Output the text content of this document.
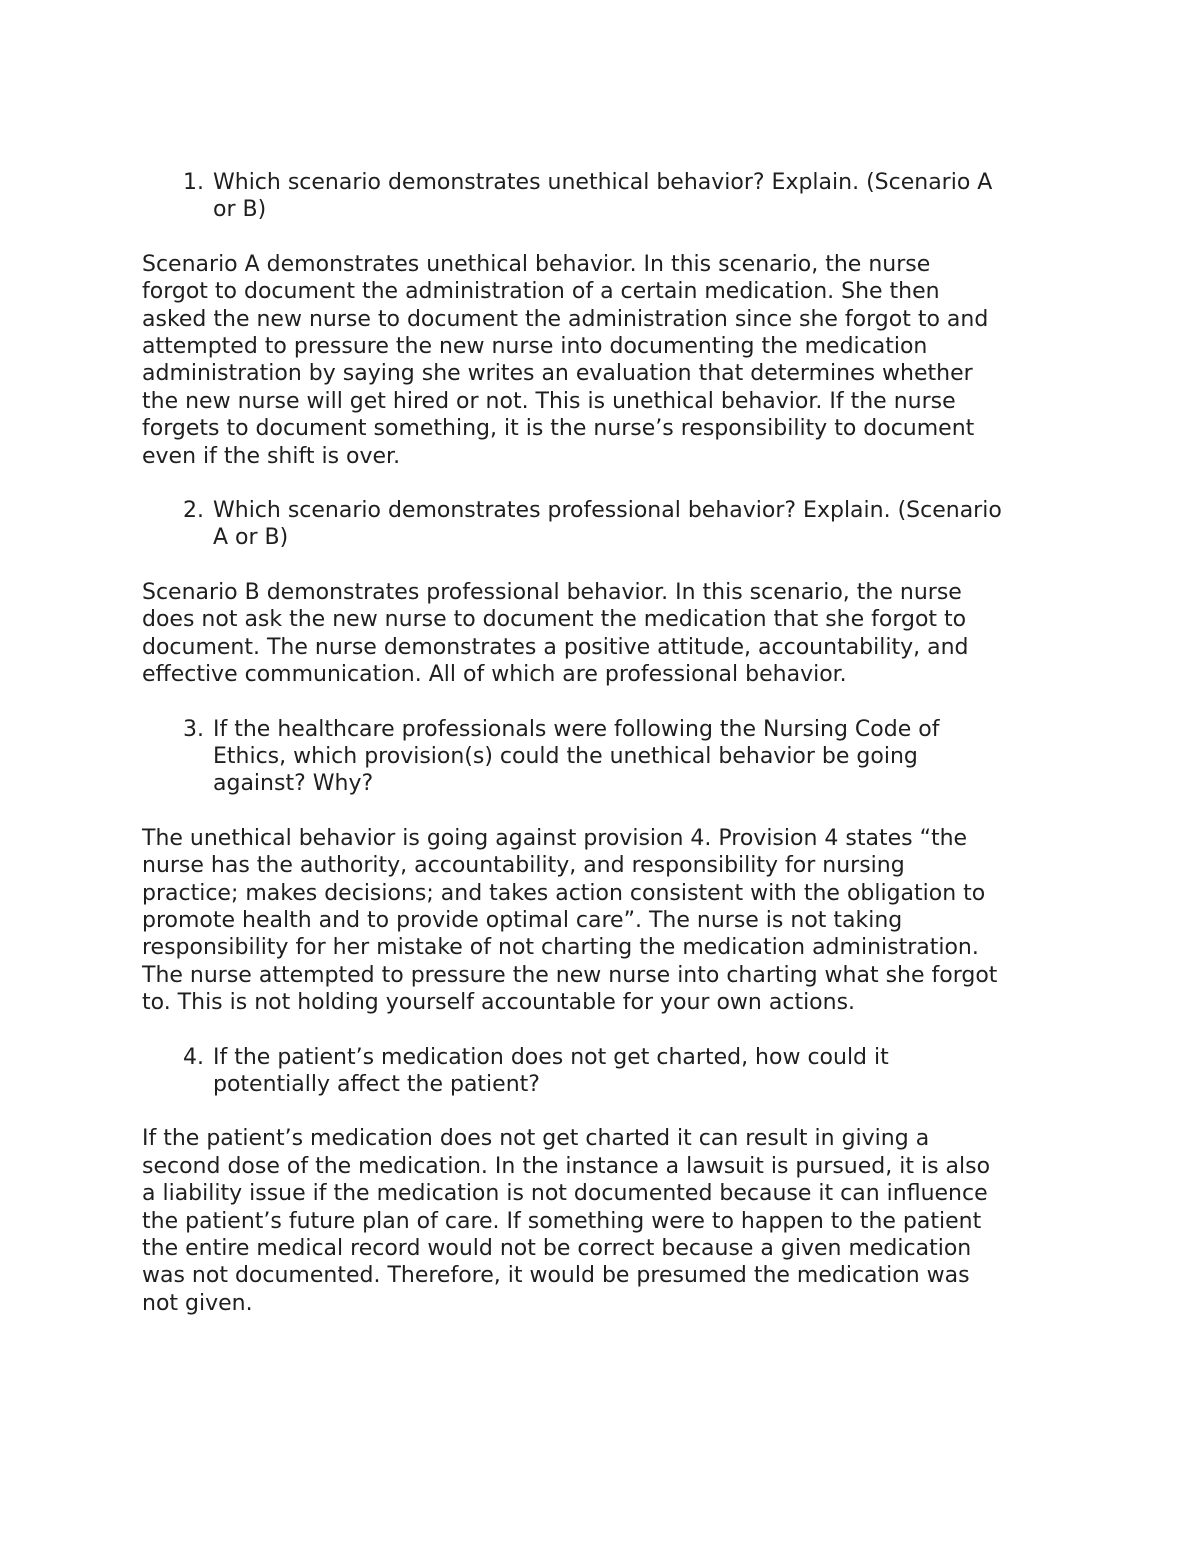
1. Which scenario demonstrates unethical behavior? Explain. (Scenario A
or B)

Scenario A demonstrates unethical behavior. In this scenario, the nurse
forgot to document the administration of a certain medication. She then
asked the new nurse to document the administration since she forgot to and
attempted to pressure the new nurse into documenting the medication
administration by saying she writes an evaluation that determines whether
the new nurse will get hired or not. This is unethical behavior. If the nurse
forgets to document something, it is the nurse’s responsibility to document
even if the shift is over.

2. Which scenario demonstrates professional behavior? Explain. (Scenario
A or B)

Scenario B demonstrates professional behavior. In this scenario, the nurse
does not ask the new nurse to document the medication that she forgot to
document. The nurse demonstrates a positive attitude, accountability, and
effective communication. All of which are professional behavior.

3. If the healthcare professionals were following the Nursing Code of
Ethics, which provision(s) could the unethical behavior be going
against? Why?

The unethical behavior is going against provision 4. Provision 4 states “the
nurse has the authority, accountability, and responsibility for nursing
practice; makes decisions; and takes action consistent with the obligation to
promote health and to provide optimal care”. The nurse is not taking
responsibility for her mistake of not charting the medication administration.
The nurse attempted to pressure the new nurse into charting what she forgot
to. This is not holding yourself accountable for your own actions.

4. If the patient’s medication does not get charted, how could it
potentially affect the patient?

If the patient’s medication does not get charted it can result in giving a
second dose of the medication. In the instance a lawsuit is pursued, it is also
a liability issue if the medication is not documented because it can influence
the patient’s future plan of care. If something were to happen to the patient
the entire medical record would not be correct because a given medication
was not documented. Therefore, it would be presumed the medication was
not given.
